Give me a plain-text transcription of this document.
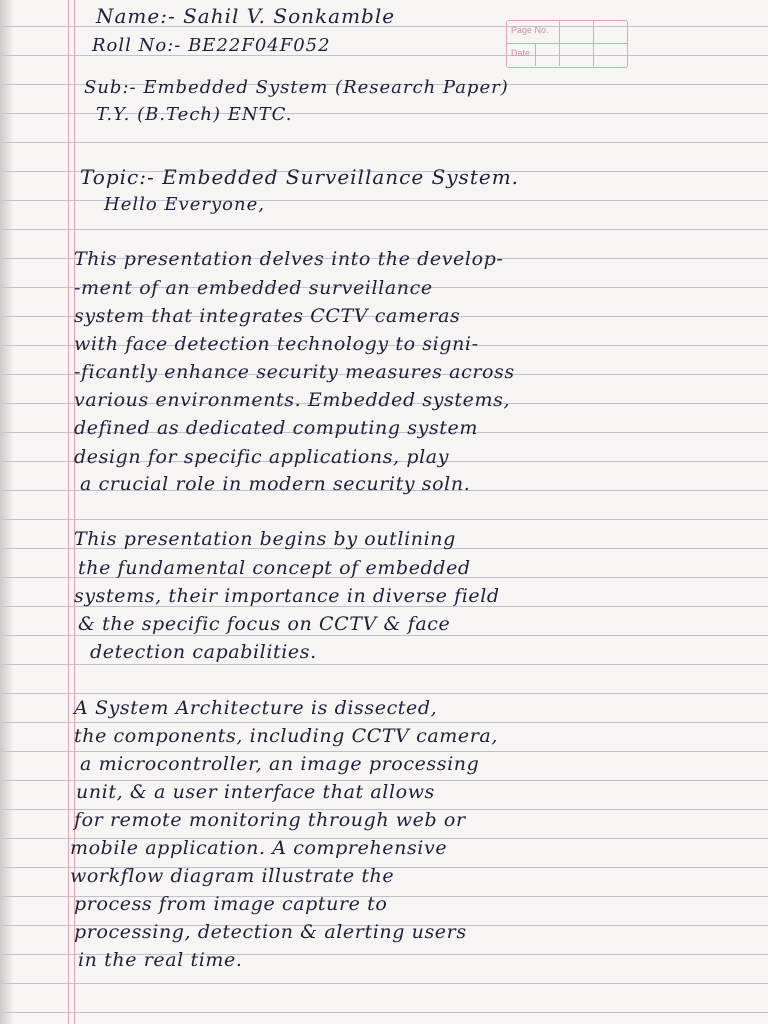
Page No.
Date
Name:- Sahil V. Sonkamble
Roll No:- BE22F04F052
Sub:- Embedded System (Research Paper)
T.Y. (B.Tech) ENTC.
Topic:- Embedded Surveillance System.
Hello Everyone,
This presentation delves into the develop-
-ment of an embedded surveillance
system that integrates CCTV cameras
with face detection technology to signi-
-ficantly enhance security measures across
various environments. Embedded systems,
defined as dedicated computing system
design for specific applications, play
a crucial role in modern security soln.
This presentation begins by outlining
the fundamental concept of embedded
systems, their importance in diverse field
& the specific focus on CCTV & face
detection capabilities.
A System Architecture is dissected,
the components, including CCTV camera,
a microcontroller, an image processing
unit, & a user interface that allows
for remote monitoring through web or
mobile application. A comprehensive
workflow diagram illustrate the
process from image capture to
processing, detection & alerting users
in the real time.
